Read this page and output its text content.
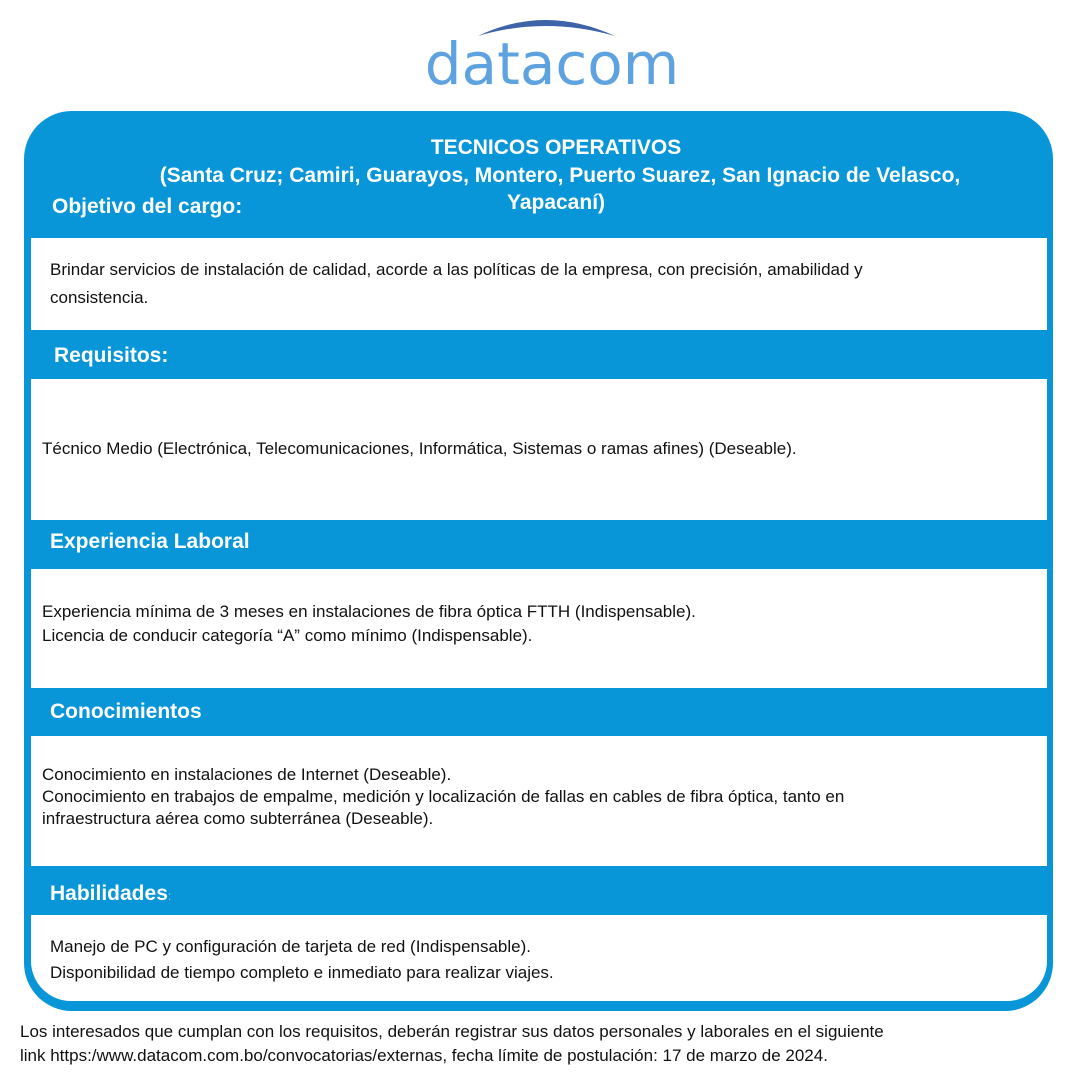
datacom
TECNICOS OPERATIVOS
(Santa Cruz; Camiri, Guarayos, Montero, Puerto Suarez, San Ignacio de Velasco,
Yapacaní)
Objetivo del cargo:
Brindar servicios de instalación de calidad, acorde a las políticas de la empresa, con precisión, amabilidad y
consistencia.
Requisitos:
Técnico Medio (Electrónica, Telecomunicaciones, Informática, Sistemas o ramas afines) (Deseable).
Experiencia Laboral
Experiencia mínima de 3 meses en instalaciones de fibra óptica FTTH (Indispensable).
Licencia de conducir categoría “A” como mínimo (Indispensable).
Conocimientos
Conocimiento en instalaciones de Internet (Deseable).
Conocimiento en trabajos de empalme, medición y localización de fallas en cables de fibra óptica, tanto en
infraestructura aérea como subterránea (Deseable).
Habilidades:
Manejo de PC y configuración de tarjeta de red (Indispensable).
Disponibilidad de tiempo completo e inmediato para realizar viajes.
Los interesados que cumplan con los requisitos, deberán registrar sus datos personales y laborales en el siguiente
link https:/www.datacom.com.bo/convocatorias/externas, fecha límite de postulación: 17 de marzo de 2024.
